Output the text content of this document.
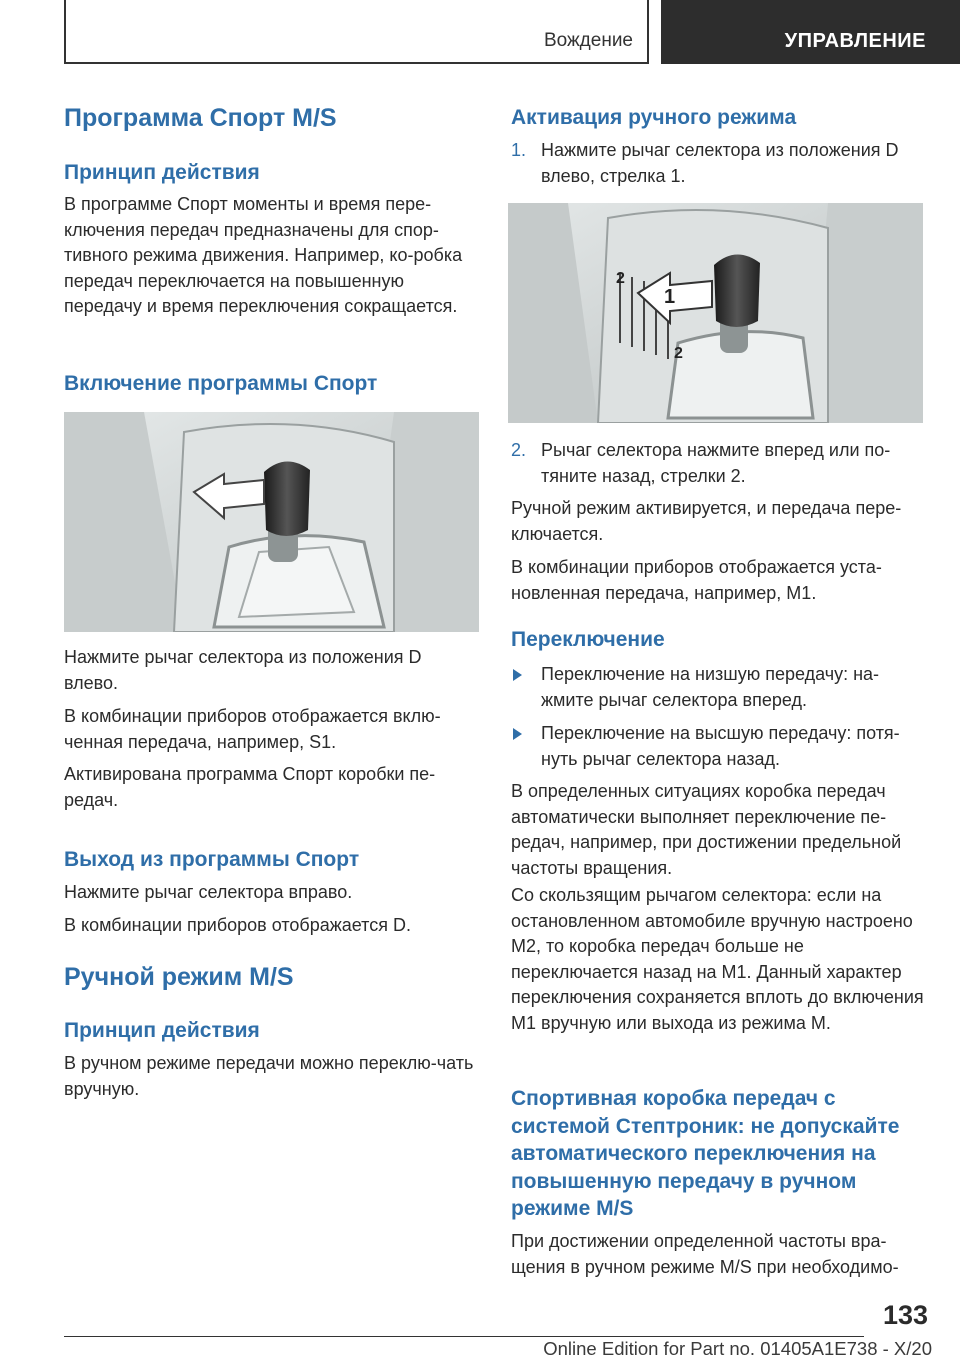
Вождение	УПРАВЛЕНИЕ
Программа Спорт M/S
Принцип действия
В программе Спорт моменты и время пере-ключения передач предназначены для спор-тивного режима движения. Например, ко-робка передач переключается на повышенную передачу и время переключения сокращается.
Включение программы Спорт
Нажмите рычаг селектора из положения D влево.
В комбинации приборов отображается вклю-ченная передача, например, S1.
Активирована программа Спорт коробки пе-редач.
Выход из программы Спорт
Нажмите рычаг селектора вправо.
В комбинации приборов отображается D.
Ручной режим M/S
Принцип действия
В ручном режиме передачи можно переклю-чать вручную.
Активация ручного режима
1. Нажмите рычаг селектора из положения D влево, стрелка 1.
1
2
2
2. Рычаг селектора нажмите вперед или по-тяните назад, стрелки 2.
Ручной режим активируется, и передача пере-ключается.
В комбинации приборов отображается уста-новленная передача, например, M1.
Переключение
Переключение на низшую передачу: на-жмите рычаг селектора вперед.
Переключение на высшую передачу: потя-нуть рычаг селектора назад.
В определенных ситуациях коробка передач автоматически выполняет переключение пе-редач, например, при достижении предельной частоты вращения.
Со скользящим рычагом селектора: если на остановленном автомобиле вручную настроено M2, то коробка передач больше не переключается назад на M1. Данный характер переключения сохраняется вплоть до включения M1 вручную или выхода из режима M.
Спортивная коробка передач с системой Стептроник: не допускайте автоматического переключения на повышенную передачу в ручном режиме M/S
При достижении определенной частоты вра-щения в ручном режиме M/S при необходимо-
133
Online Edition for Part no. 01405A1E738 - X/20
